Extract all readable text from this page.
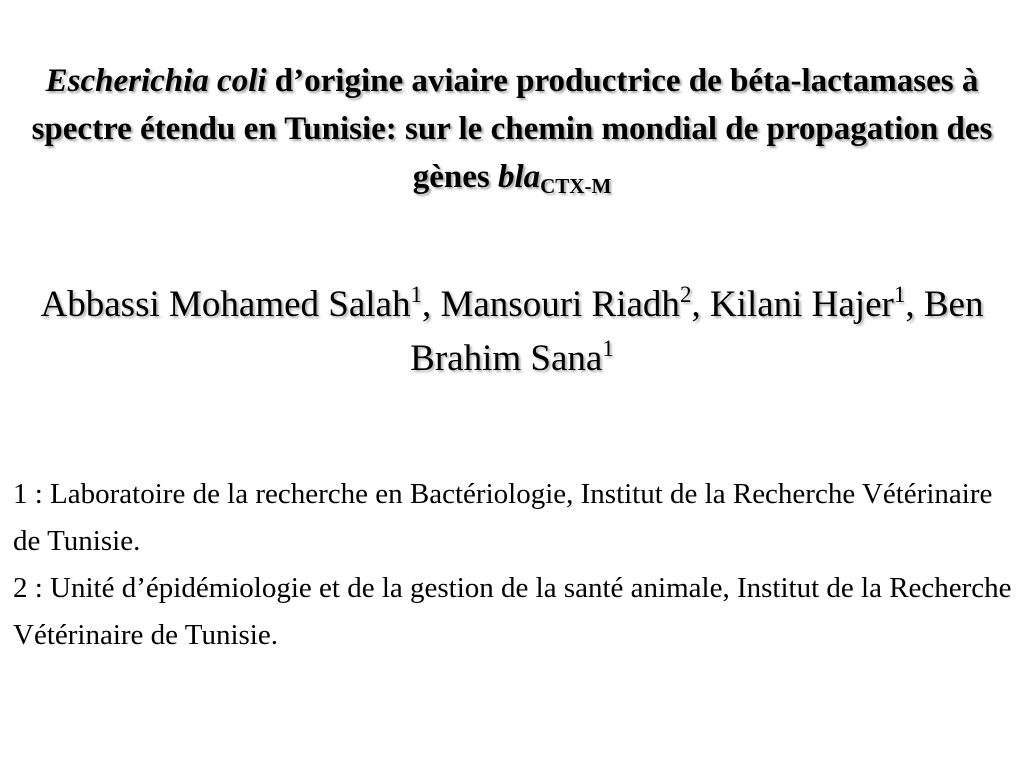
Escherichia coli d’origine aviaire productrice de béta-lactamases à spectre étendu en Tunisie: sur le chemin mondial de propagation des gènes bla$_{CTX-M}$
Abbassi Mohamed Salah$^1$, Mansouri Riadh$^2$, Kilani Hajer$^1$, Ben Brahim Sana$^1$

1 : Laboratoire de la recherche en Bactériologie, Institut de la Recherche Vétérinaire de Tunisie.

2 : Unité d’épidémiologie et de la gestion de la santé animale, Institut de la Recherche Vétérinaire de Tunisie.
